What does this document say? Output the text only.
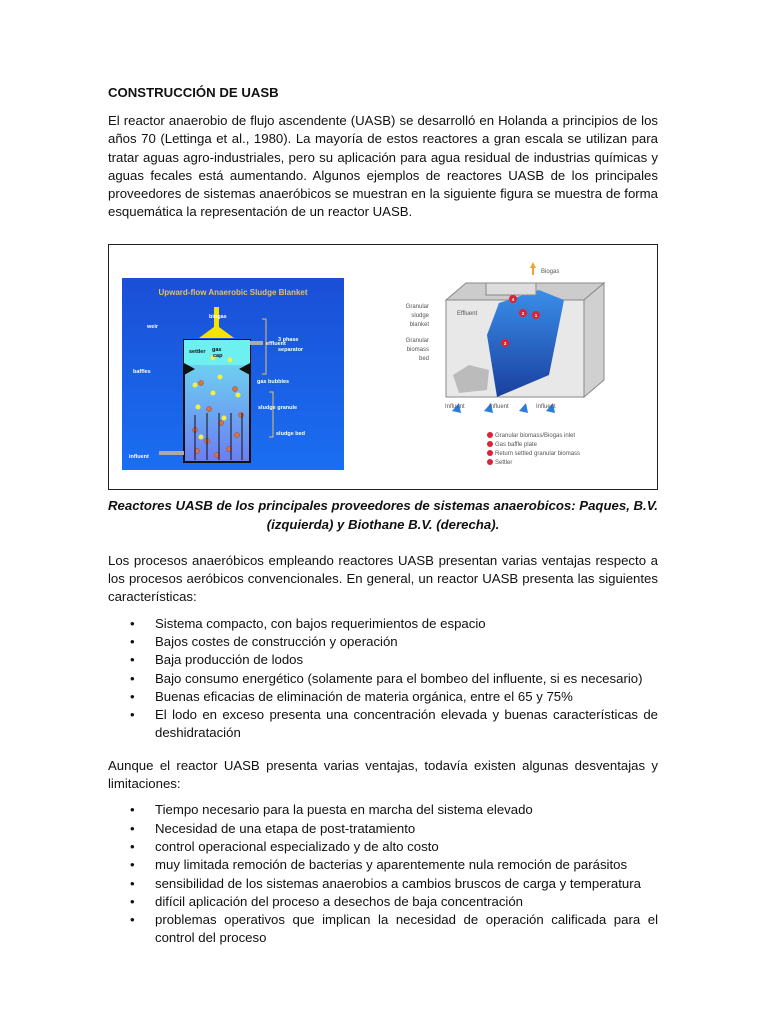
CONSTRUCCIÓN DE UASB

El reactor anaerobio de flujo ascendente (UASB) se desarrolló en Holanda a principios de los años 70 (Lettinga et al., 1980). La mayoría de estos reactores a gran escala se utilizan para tratar aguas agro-industriales, pero su aplicación para agua residual de industrias químicas y aguas fecales está aumentando. Algunos ejemplos de reactores UASB de los principales proveedores de sistemas anaeróbicos se muestran en la siguiente figura se muestra de forma esquemática la representación de un reactor UASB.

Upward-flow Anaerobic Sludge Blanket
weir
biogas
effluent
3 phase
separator
settler gas
cap
baffles
gas bubbles
sludge granule
sludge bed
influent
1
2
3
4
Biogas
Effluent
Granular
sludge
blanket
Granular
biomass
bed
Influent	Influent	Influent
Granular biomass/Biogas inlet
Gas baffle plate
Return settled granular biomass
Settler
Reactores UASB de los principales proveedores de sistemas anaerobicos: Paques, B.V. (izquierda) y Biothane B.V. (derecha).

Los procesos anaeróbicos empleando reactores UASB presentan varias ventajas respecto a los procesos aeróbicos convencionales. En general, un reactor UASB presenta las siguientes características:

• Sistema compacto, con bajos requerimientos de espacio
• Bajos costes de construcción y operación
• Baja producción de lodos
• Bajo consumo energético (solamente para el bombeo del influente, si es necesario)
• Buenas eficacias de eliminación de materia orgánica, entre el 65 y 75%
• El lodo en exceso presenta una concentración elevada y buenas características de deshidratación

Aunque el reactor UASB presenta varias ventajas, todavía existen algunas desventajas y limitaciones:

• Tiempo necesario para la puesta en marcha del sistema elevado
• Necesidad de una etapa de post-tratamiento
• control operacional especializado y de alto costo
• muy limitada remoción de bacterias y aparentemente nula remoción de parásitos
• sensibilidad de los sistemas anaerobios a cambios bruscos de carga y temperatura
• difícil aplicación del proceso a desechos de baja concentración
• problemas operativos que implican la necesidad de operación calificada para el control del proceso
